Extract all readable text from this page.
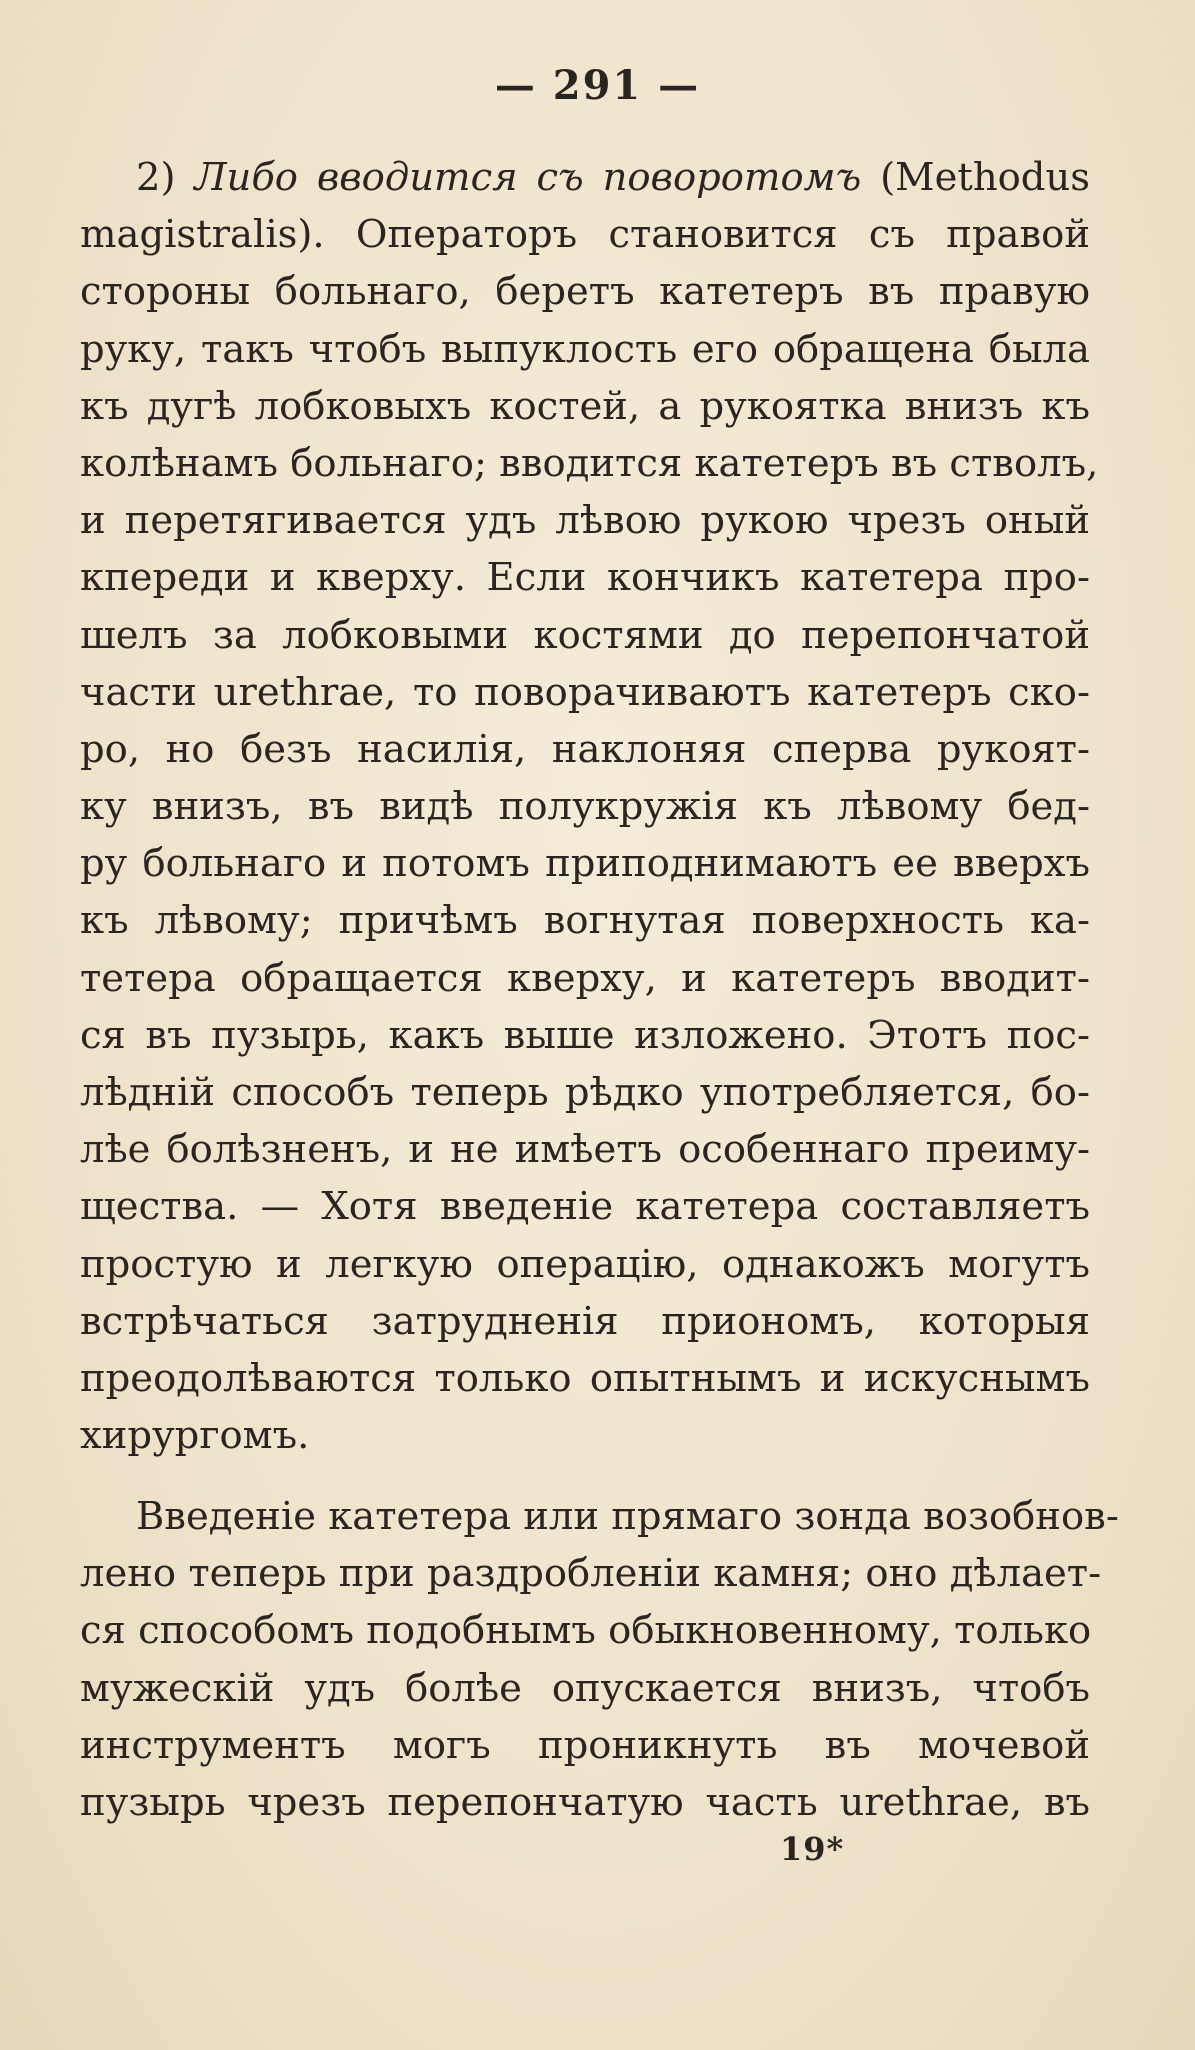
— 291 —
2) Либо вводится съ поворотомъ (Methodus
magistralis). Операторъ становится съ правой
стороны больнаго, беретъ катетеръ въ правую
руку, такъ чтобъ выпуклость его обращена была
къ дугѣ лобковыхъ костей, а рукоятка внизъ къ
колѣнамъ больнаго; вводится катетеръ въ стволъ,
и перетягивается удъ лѣвою рукою чрезъ оный
кпереди и кверху. Если кончикъ катетера про-
шелъ за лобковыми костями до перепончатой
части urethrae, то поворачиваютъ катетеръ ско-
ро, но безъ насилія, наклоняя сперва рукоят-
ку внизъ, въ видѣ полукружія къ лѣвому бед-
ру больнаго и потомъ приподнимаютъ ее вверхъ
къ лѣвому; причѣмъ вогнутая поверхность ка-
тетера обращается кверху, и катетеръ вводит-
ся въ пузырь, какъ выше изложено. Этотъ пос-
лѣдній способъ теперь рѣдко употребляется, бо-
лѣе болѣзненъ, и не имѣетъ особеннаго преиму-
щества. — Хотя введеніе катетера составляетъ
простую и легкую операцію, однакожъ могутъ
встрѣчаться затрудненія приономъ, которыя
преодолѣваются только опытнымъ и искуснымъ
хирургомъ.
Введеніе катетера или прямаго зонда возобнов-
лено теперь при раздробленіи камня; оно дѣлает-
ся способомъ подобнымъ обыкновенному, только
мужескій удъ болѣе опускается внизъ, чтобъ
инструментъ могъ проникнуть въ мочевой
пузырь чрезъ перепончатую часть urethrae, въ
19*
